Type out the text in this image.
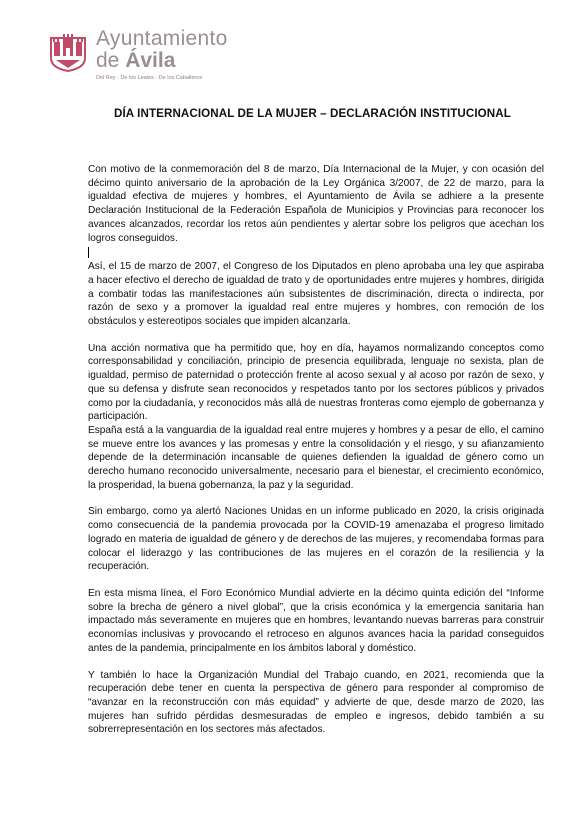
Ayuntamiento
de Ávila
Del Rey · De los Leales · De los Caballeros
DÍA INTERNACIONAL DE LA MUJER – DECLARACIÓN INSTITUCIONAL

Con motivo de la conmemoración del 8 de marzo, Día Internacional de la Mujer, y con ocasión del décimo quinto aniversario de la aprobación de la Ley Orgánica 3/2007, de 22 de marzo, para la igualdad efectiva de mujeres y hombres, el Ayuntamiento de Ávila se adhiere a la presente Declaración Institucional de la Federación Española de Municipios y Provincias para reconocer los avances alcanzados, recordar los retos aún pendientes y alertar sobre los peligros que acechan los logros conseguidos.

Así, el 15 de marzo de 2007, el Congreso de los Diputados en pleno aprobaba una ley que aspiraba a hacer efectivo el derecho de igualdad de trato y de oportunidades entre mujeres y hombres, dirigida a combatir todas las manifestaciones aún subsistentes de discriminación, directa o indirecta, por razón de sexo y a promover la igualdad real entre mujeres y hombres, con remoción de los obstáculos y estereotipos sociales que impiden alcanzarla.

Una acción normativa que ha permitido que, hoy en día, hayamos normalizando conceptos como corresponsabilidad y conciliación, principio de presencia equilibrada, lenguaje no sexista, plan de igualdad, permiso de paternidad o protección frente al acoso sexual y al acoso por razón de sexo, y que su defensa y disfrute sean reconocidos y respetados tanto por los sectores públicos y privados como por la ciudadanía, y reconocidos más allá de nuestras fronteras como ejemplo de gobernanza y participación.

España está a la vanguardia de la igualdad real entre mujeres y hombres y a pesar de ello, el camino se mueve entre los avances y las promesas y entre la consolidación y el riesgo, y su afianzamiento depende de la determinación incansable de quienes defienden la igualdad de género como un derecho humano reconocido universalmente, necesario para el bienestar, el crecimiento económico, la prosperidad, la buena gobernanza, la paz y la seguridad.

Sin embargo, como ya alertó Naciones Unidas en un informe publicado en 2020, la crisis originada como consecuencia de la pandemia provocada por la COVID-19 amenazaba el progreso limitado logrado en materia de igualdad de género y de derechos de las mujeres, y recomendaba formas para colocar el liderazgo y las contribuciones de las mujeres en el corazón de la resiliencia y la recuperación.

En esta misma línea, el Foro Económico Mundial advierte en la décimo quinta edición del “Informe sobre la brecha de género a nivel global”, que la crisis económica y la emergencia sanitaria han impactado más severamente en mujeres que en hombres, levantando nuevas barreras para construir economías inclusivas y provocando el retroceso en algunos avances hacia la paridad conseguidos antes de la pandemia, principalmente en los ámbitos laboral y doméstico.

Y también lo hace la Organización Mundial del Trabajo cuando, en 2021, recomienda que la recuperación debe tener en cuenta la perspectiva de género para responder al compromiso de “avanzar en la reconstrucción con más equidad” y advierte de que, desde marzo de 2020, las mujeres han sufrido pérdidas desmesuradas de empleo e ingresos, debido también a su sobrerrepresentación en los sectores más afectados.
